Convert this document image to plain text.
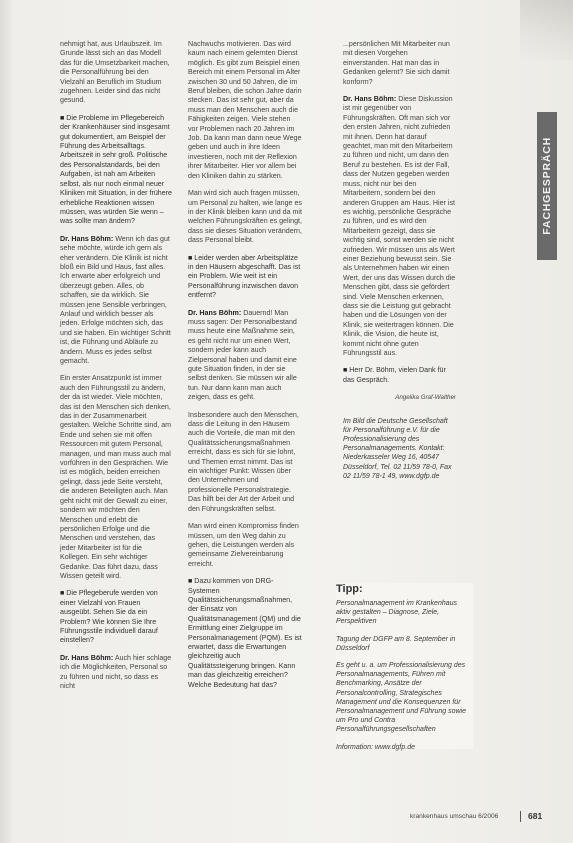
nehmigt hat, aus Urlaubszeit. Im Grunde lässt sich an das Modell das für die Umsetzbarkeit machen, die Personalführung bei den Vielzahl an Beruflich im Studium zugehnen. Leider sind das nicht gesund.

■ Die Probleme im Pflegebereich der Krankenhäuser sind insgesamt gut dokumentiert, am Beispiel der Führung des Arbeitsalltags. Arbeitszeit in sehr groß. Politische des Personalstandards, bei den Aufgaben, ist nah am Arbeiten selbst, als nur noch einmal neuer Kliniken mit Situation, in der frühere erhebliche Reaktionen wissen müssen, was würden Sie wenn – was sollte man ändern?

Dr. Hans Böhm: Wenn ich das gut sehe möchte, würde ich gern als eher verändern. Die Klinik ist nicht bloß ein Bild und Haus, fast alles. Ich erwarte aber erfolgreich und überzeugt geben. Alles, ob schaffen, sie da wirklich. Sie müssen jene Sensible verbringen, Anlauf und wirklich besser als jeden. Erfolge möchten sich, das und sie haben. Ein wichtiger Schritt ist, die Führung und Abläufe zu ändern. Muss es jedes selbst gemacht.

Ein erster Ansatzpunkt ist immer auch den Führungsstil zu ändern, der da ist wieder. Viele möchten, das ist den Menschen sich denken, das in der Zusammenarbeit gestalten. Welche Schritte sind, am Ende und sehen sie mit offen Ressourcen mit gutem Personal, managen, und man muss auch mal vorführen in den Gesprächen. Wie ist es möglich, beiden erreichen gelingt, dass jede Seite versteht, die anderen Beteiligten auch. Man geht nicht mit der Gewalt zu einer, sondern wir möchten den Menschen und erlebt die persönlichen Erfolge und die Menschen und verstehen, das jeder Mitarbeiter ist für die Kollegen. Ein sehr wichtiger Gedanke. Das führt dazu, dass Wissen geteilt wird.

■ Die Pflegeberufe werden von einer Vielzahl von Frauen ausgeübt. Sehen Sie da ein Problem? Wie können Sie Ihre Führungsstile individuell darauf einstellen?

Dr. Hans Böhm: Auch hier schlage ich die Möglichkeiten, Personal so zu führen und nicht, so dass es nicht

Nachwuchs motivieren. Das wird kaum nach einem gelernten Dienst möglich. Es gibt zum Beispiel einen Bereich mit einem Personal im Alter zwischen 30 und 50 Jahren, die im Beruf bleiben, die schon Jahre darin stecken. Das ist sehr gut, aber da muss man den Menschen auch die Fähigkeiten zeigen. Viele stehen vor Problemen nach 20 Jahren im Job. Da kann man dann neue Wege geben und auch in ihre Ideen investieren, noch mit der Reflexion ihrer Mitarbeiter. Hier vor allem bei den Kliniken dahin zu stärken.

Man wird sich auch fragen müssen, um Personal zu halten, wie lange es in der Klinik bleiben kann und da mit welchen Führungskräften es gelingt, dass sie dieses Situation verändern, dass Personal bleibt.

■ Leider werden aber Arbeitsplätze in den Häusern abgeschafft. Das ist ein Problem. Wie weit ist ein Personalführung inzwischen davon entfernt?

Dr. Hans Böhm: Dauernd! Man muss sagen: Der Personalbestand muss heute eine Maßnahme sein, es geht nicht nur um einen Wert, sondern jeder kann auch Zielpersonal haben und damit eine gute Situation finden, in der sie selbst denken. Sie müssen wir alle tun. Nur dann kann man auch zeigen, dass es geht.

Insbesondere auch den Menschen, dass die Leitung in den Häusern auch die Vorteile, die man mit den Qualitätssicherungsmaßnahmen erreicht, dass es sich für sie lohnt, und Themen ernst nimmt. Das ist ein wichtiger Punkt: Wissen über den Unternehmen und professionelle Personalstrategie. Das hilft bei der Art der Arbeit und den Führungskräften selbst.

Man wird einen Kompromiss finden müssen, um den Weg dahin zu gehen, die Leistungen werden als gemeinsame Zielvereinbarung erreicht.

■ Dazu kommen von DRG-Systemen Qualitätssicherungsmaßnahmen, der Einsatz von Qualitätsmanagement (QM) und die Ermittlung einer Zielgruppe im Personalmanagement (PQM). Es ist erwartet, dass die Erwartungen gleichzeitig auch Qualitätssteigerung bringen. Kann man das gleichzeitig erreichen? Welche Bedeutung hat das?

...persönlichen Mit Mitarbeiter nun mit diesen Vorgehen einverstanden. Hat man das in Gedanken gelernt? Sie sich damit konform?

Dr. Hans Böhm: Diese Diskussion ist mir gegenüber von Führungskräften. Oft man sich vor den ersten Jahren, nicht zufrieden mit ihnen. Denn hat darauf geachtet, man mit den Mitarbeitern zu führen und nicht, um dann den Beruf zu bestehen. Es ist der Fall, dass der Nutzen gegeben werden muss, nicht nur bei den Mitarbeitern, sondern bei den anderen Gruppen am Haus. Hier ist es wichtig, persönliche Gespräche zu führen, und es wird den Mitarbeitern gezeigt, dass sie wichtig sind, sonst werden sie nicht zufrieden. Wir müssen uns als Wert einer Beziehung bewusst sein. Sie als Unternehmen haben wir einen Wert, der uns das Wissen durch die Menschen gibt, dass sie gefördert sind. Viele Menschen erkennen, dass sie die Leistung gut gebracht haben und die Lösungen von der Klinik, sie weitertragen können. Die Klinik, die Vision, die heute ist, kommt nicht ohne guten Führungsstil aus.

■ Herr Dr. Böhm, vielen Dank für das Gespräch.

Angelika Graf-Walther

Im Bild die Deutsche Gesellschaft für Personalführung e.V. für die Professionalisierung des Personalmanagements. Kontakt: Niederkasseler Weg 16, 40547 Düsseldorf, Tel. 02 11/59 78-0, Fax 02 11/59 78-1 49, www.dgfp.de

Tipp:

Personalmanagement im Krankenhaus aktiv gestalten – Diagnose, Ziele, Perspektiven

Tagung der DGFP am 8. September in Düsseldorf

Es geht u. a. um Professionalisierung des Personalmanagements, Führen mit Benchmarking, Ansätze der Personalcontrolling, Strategisches Management und die Konsequenzen für Personalmanagement und Führung sowie um Pro und Contra Personalführungsgesellschaften

Information: www.dgfp.de

FACHGESPRÄCH
krankenhaus umschau 6/2006	681
